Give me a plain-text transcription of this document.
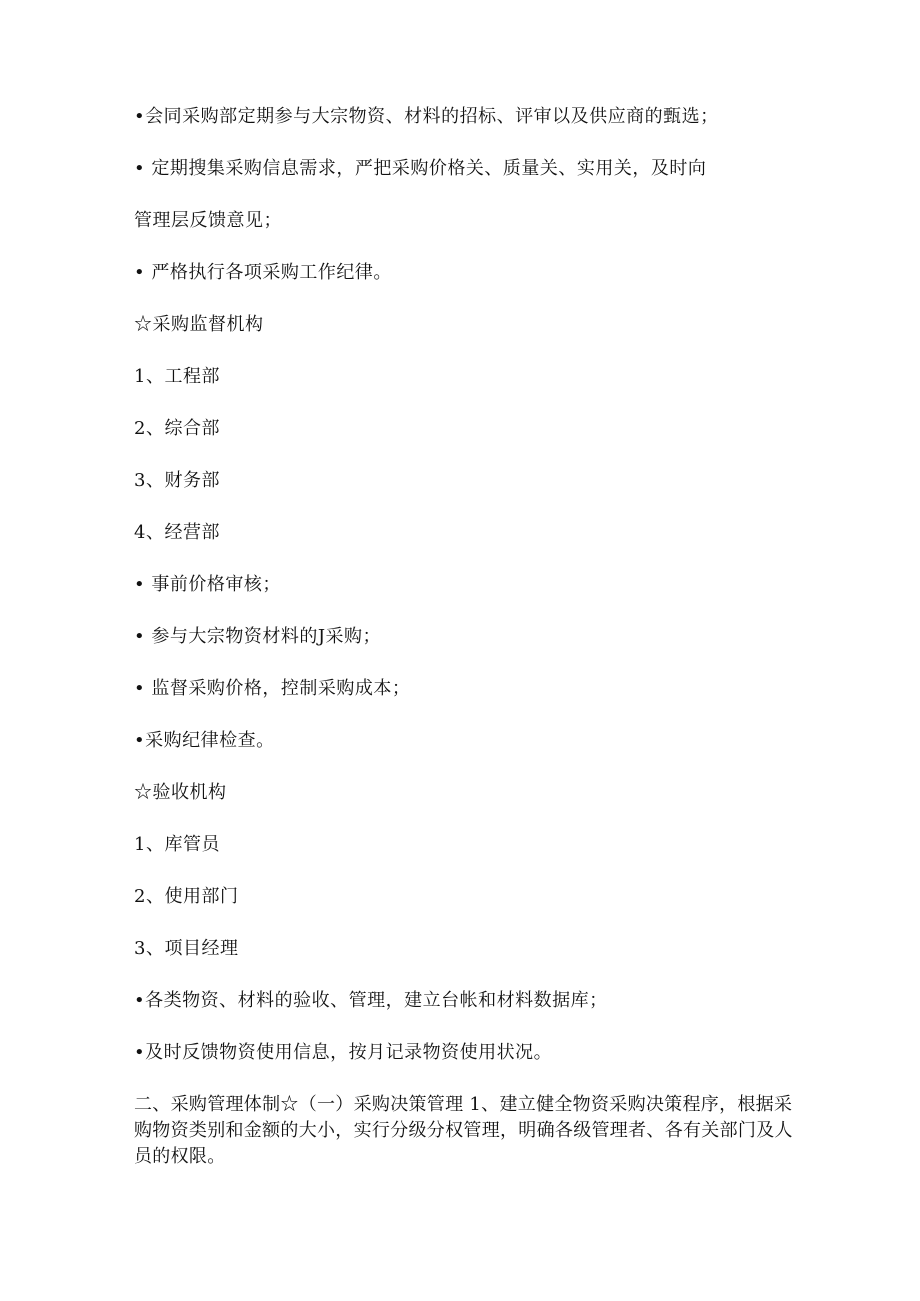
•会同采购部定期参与大宗物资、材料的招标、评审以及供应商的甄选；
• 定期搜集采购信息需求，严把采购价格关、质量关、实用关，及时向
管理层反馈意见；
• 严格执行各项采购工作纪律。
☆采购监督机构
1、工程部
2、综合部
3、财务部
4、经营部
• 事前价格审核；
• 参与大宗物资材料的J采购；
• 监督采购价格，控制采购成本；
•采购纪律检查。
☆验收机构
1、库管员
2、使用部门
3、项目经理
•各类物资、材料的验收、管理，建立台帐和材料数据库；
•及时反馈物资使用信息，按月记录物资使用状况。
二、采购管理体制☆（一）采购决策管理 1、建立健全物资采购决策程序，根据采购物资类别和金额的大小，实行分级分权管理，明确各级管理者、各有关部门及人员的权限。
